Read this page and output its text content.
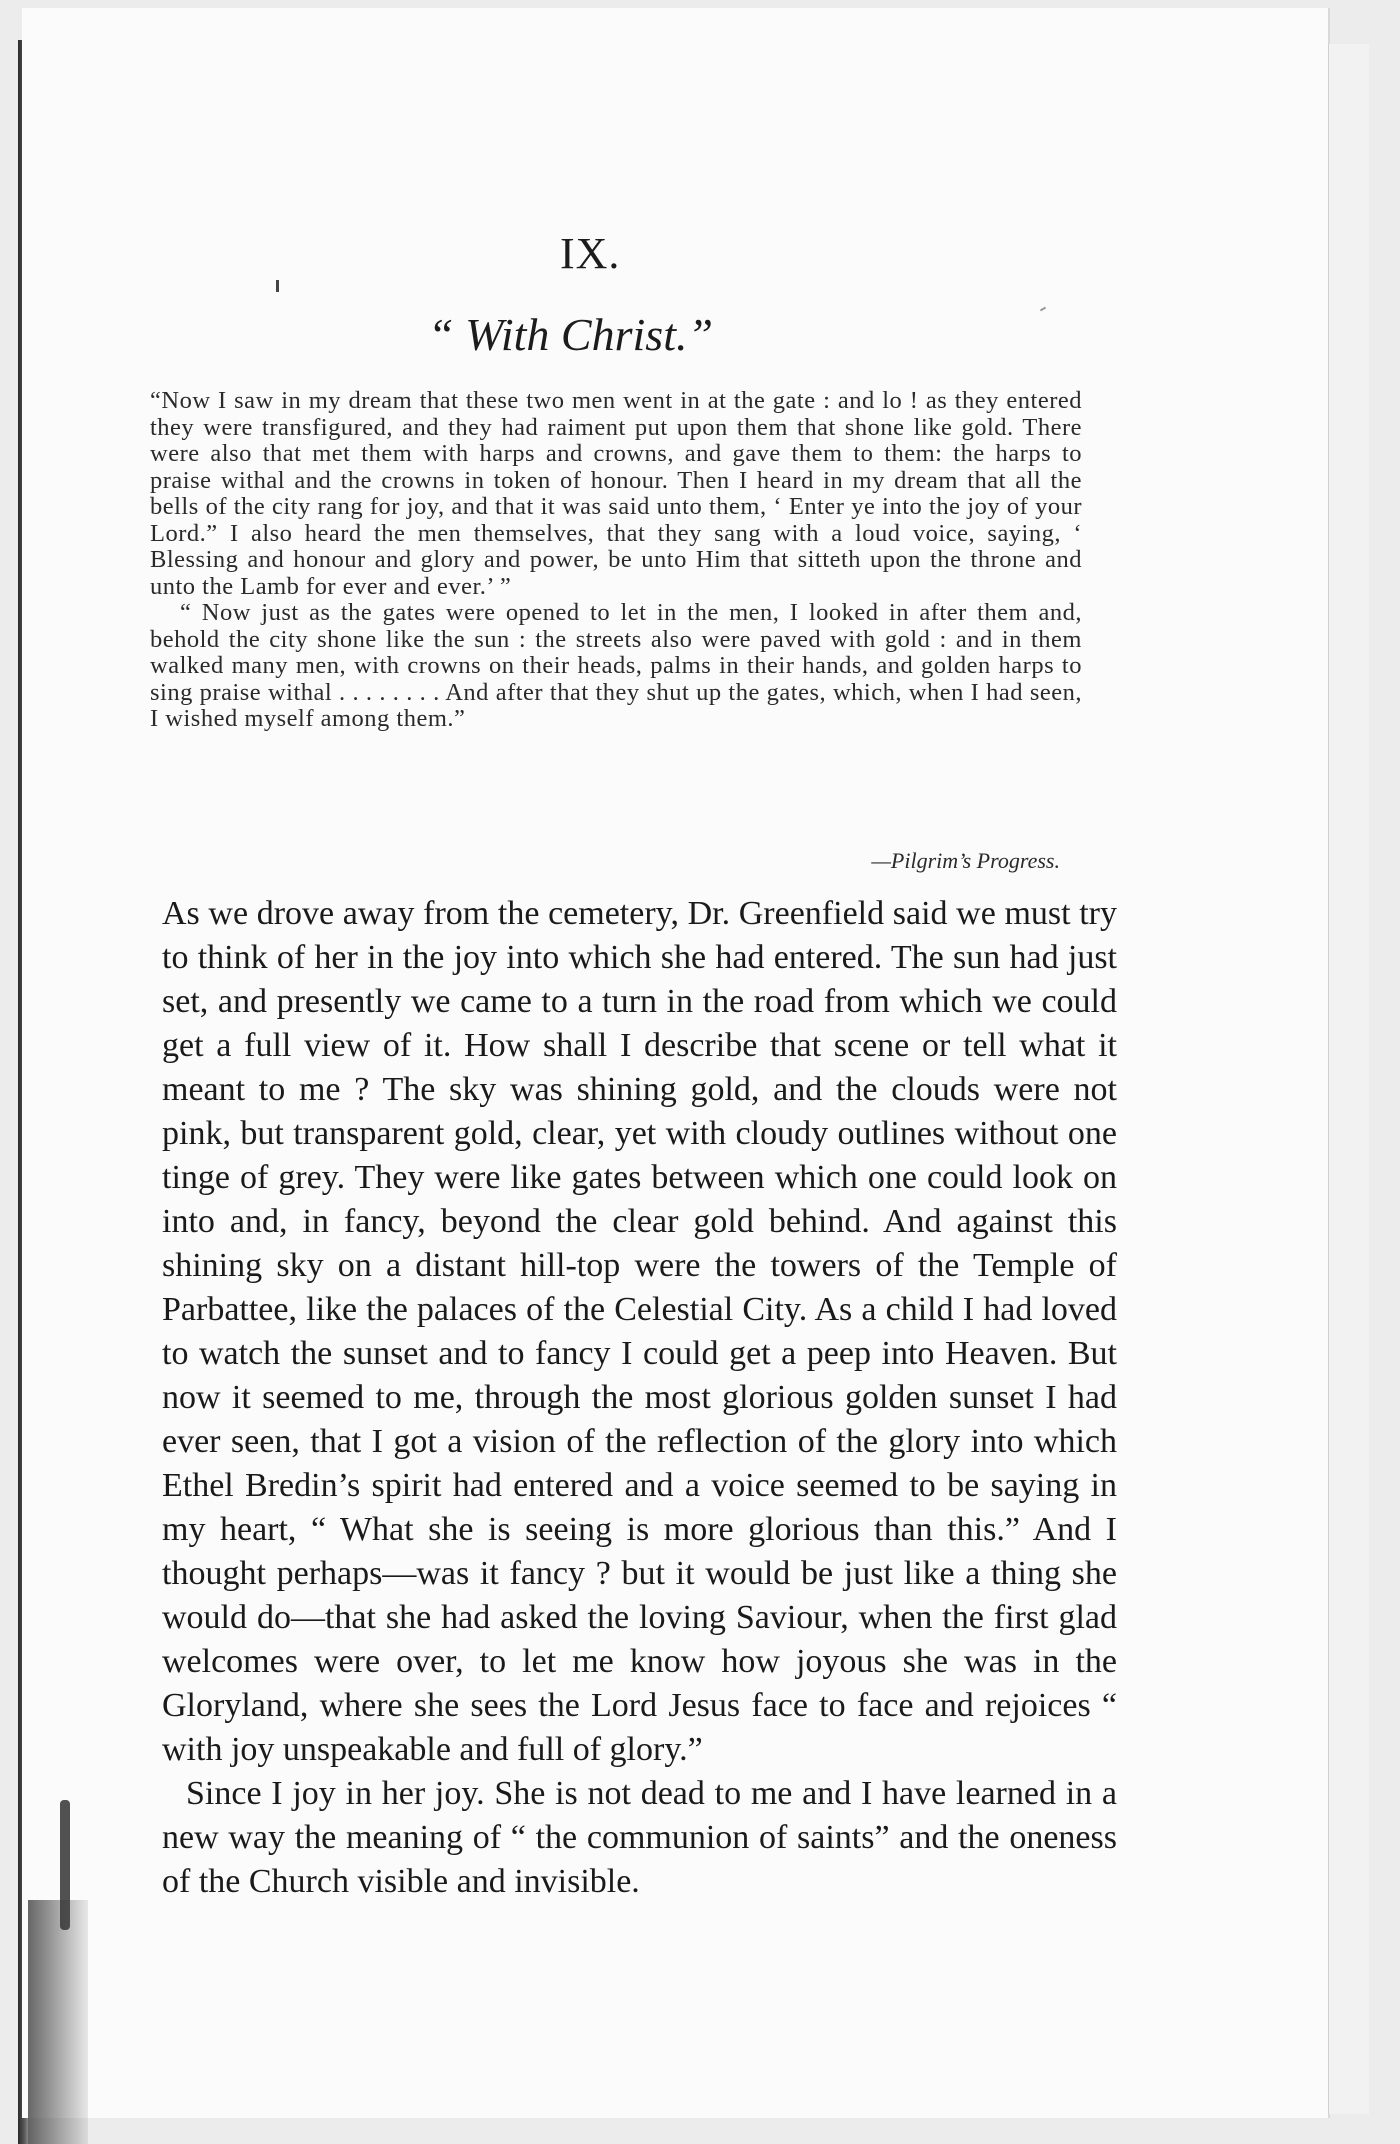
IX.
“ With Christ.”

“Now I saw in my dream that these two men went in at the gate : and lo ! as they entered they were transfigured, and they had raiment put upon them that shone like gold. There were also that met them with harps and crowns, and gave them to them: the harps to praise withal and the crowns in token of honour. Then I heard in my dream that all the bells of the city rang for joy, and that it was said unto them, ‘ Enter ye into the joy of your Lord.” I also heard the men themselves, that they sang with a loud voice, saying, ‘ Blessing and honour and glory and power, be unto Him that sitteth upon the throne and unto the Lamb for ever and ever.’ ”

“ Now just as the gates were opened to let in the men, I looked in after them and, behold the city shone like the sun : the streets also were paved with gold : and in them walked many men, with crowns on their heads, palms in their hands, and golden harps to sing praise withal . . . . . . . . And after that they shut up the gates, which, when I had seen, I wished myself among them.”

—Pilgrim’s Progress.

As we drove away from the cemetery, Dr. Greenfield said we must try to think of her in the joy into which she had entered. The sun had just set, and presently we came to a turn in the road from which we could get a full view of it. How shall I describe that scene or tell what it meant to me ? The sky was shining gold, and the clouds were not pink, but transparent gold, clear, yet with cloudy outlines without one tinge of grey. They were like gates between which one could look on into and, in fancy, beyond the clear gold behind. And against this shining sky on a distant hill-top were the towers of the Temple of Parbattee, like the palaces of the Celestial City. As a child I had loved to watch the sunset and to fancy I could get a peep into Heaven. But now it seemed to me, through the most glorious golden sunset I had ever seen, that I got a vision of the reflection of the glory into which Ethel Bredin’s spirit had entered and a voice seemed to be saying in my heart, “ What she is seeing is more glorious than this.” And I thought perhaps—was it fancy ? but it would be just like a thing she would do—that she had asked the loving Saviour, when the first glad welcomes were over, to let me know how joyous she was in the Gloryland, where she sees the Lord Jesus face to face and rejoices “ with joy unspeakable and full of glory.”

Since I joy in her joy. She is not dead to me and I have learned in a new way the meaning of “ the communion of saints” and the oneness of the Church visible and invisible.
